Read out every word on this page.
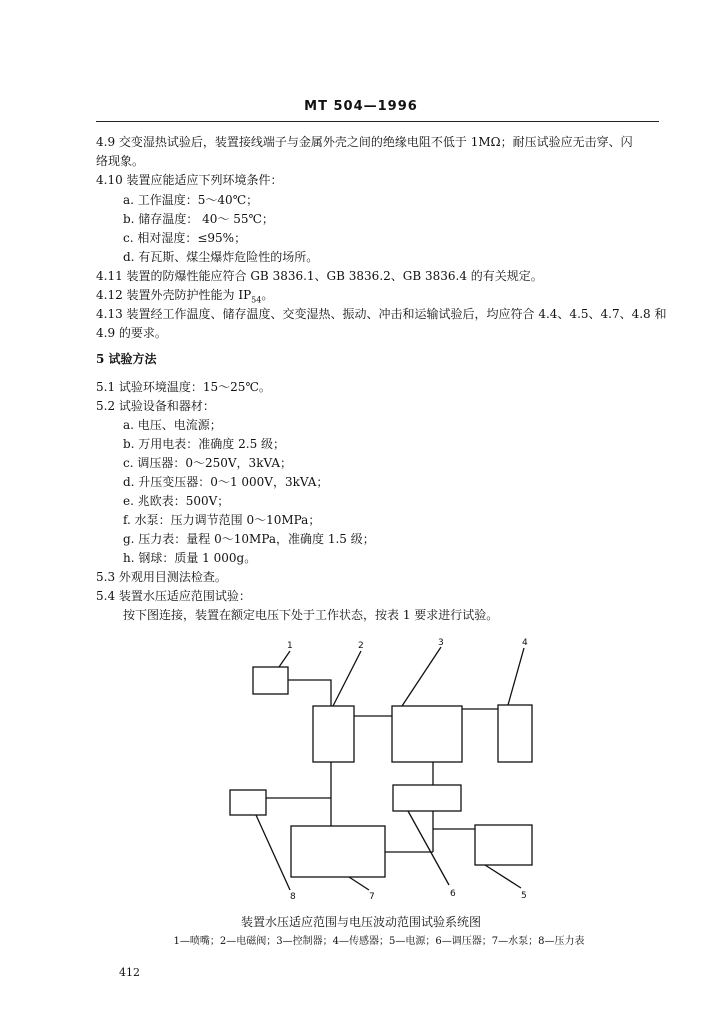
MT 504—1996
4.9 交变湿热试验后，装置接线端子与金属外壳之间的绝缘电阻不低于 1MΩ；耐压试验应无击穿、闪
络现象。
4.10 装置应能适应下列环境条件：
a. 工作温度：5～40℃；
b. 储存温度： 40～ 55℃；
c. 相对湿度：≤95%；
d. 有瓦斯、煤尘爆炸危险性的场所。
4.11 装置的防爆性能应符合 GB 3836.1、GB 3836.2、GB 3836.4 的有关规定。
4.12 装置外壳防护性能为 $IP_{54}$。
4.13 装置经工作温度、储存温度、交变湿热、振动、冲击和运输试验后，均应符合 4.4、4.5、4.7、4.8 和
4.9 的要求。
5 试验方法
5.1 试验环境温度：15～25℃。
5.2 试验设备和器材：
a. 电压、电流源；
b. 万用电表：准确度 2.5 级；
c. 调压器：0～250V，3kVA；
d. 升压变压器：0～1 000V，3kVA；
e. 兆欧表：500V；
f. 水泵：压力调节范围 0～10MPa；
g. 压力表：量程 0～10MPa，准确度 1.5 级；
h. 钢球：质量 1 000g。
5.3 外观用目测法检查。
5.4 装置水压适应范围试验：
按下图连接，装置在额定电压下处于工作状态，按表 1 要求进行试验。
1	2	3	4
5
6
7
8
装置水压适应范围与电压波动范围试验系统图
1—喷嘴；2—电磁阀；3—控制器；4—传感器；5—电源；6—调压器；7—水泵；8—压力表
412
